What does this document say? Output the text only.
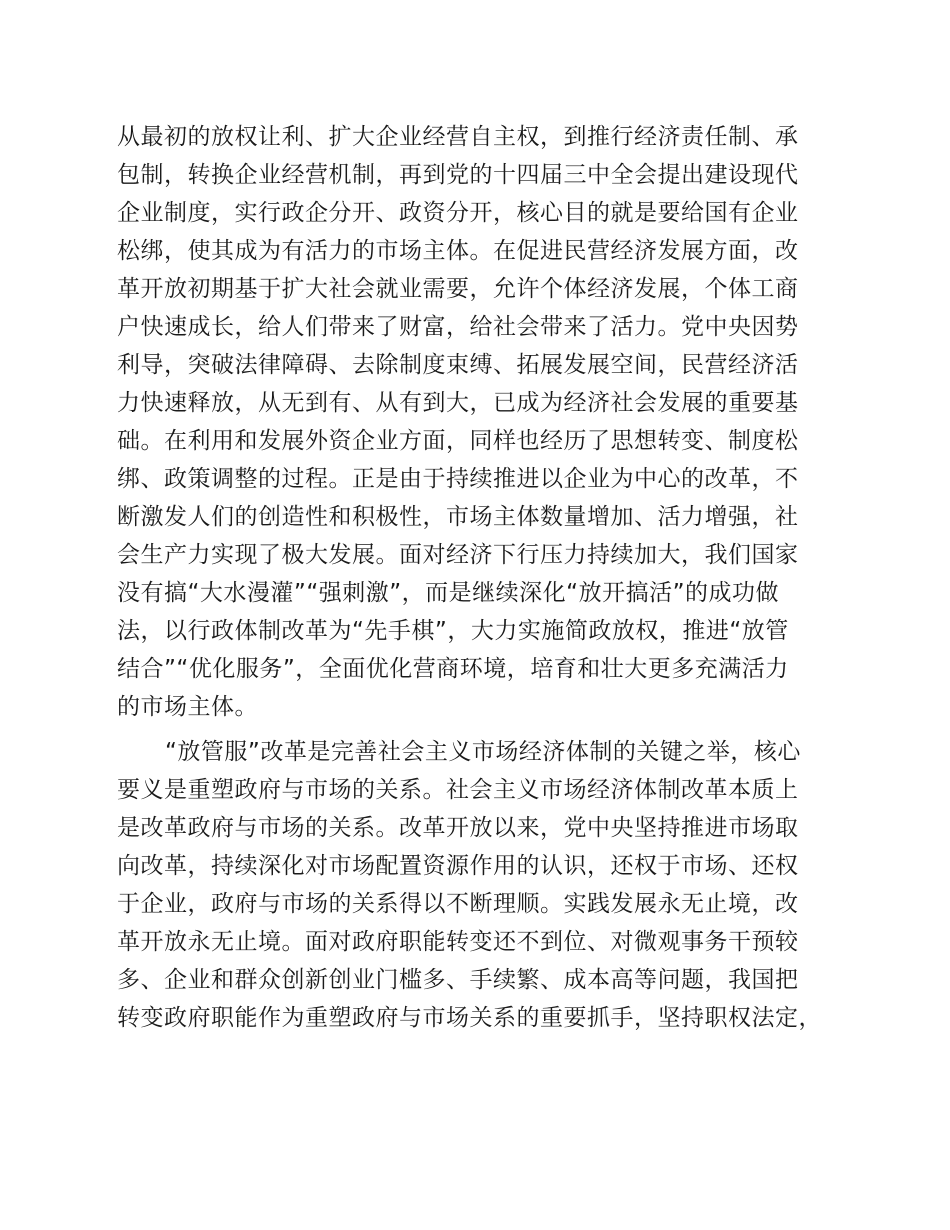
从最初的放权让利、扩大企业经营自主权，到推行经济责任制、承
包制，转换企业经营机制，再到党的十四届三中全会提出建设现代
企业制度，实行政企分开、政资分开，核心目的就是要给国有企业
松绑，使其成为有活力的市场主体。在促进民营经济发展方面，改
革开放初期基于扩大社会就业需要，允许个体经济发展，个体工商
户快速成长，给人们带来了财富，给社会带来了活力。党中央因势
利导，突破法律障碍、去除制度束缚、拓展发展空间，民营经济活
力快速释放，从无到有、从有到大，已成为经济社会发展的重要基
础。在利用和发展外资企业方面，同样也经历了思想转变、制度松
绑、政策调整的过程。正是由于持续推进以企业为中心的改革，不
断激发人们的创造性和积极性，市场主体数量增加、活力增强，社
会生产力实现了极大发展。面对经济下行压力持续加大，我们国家
没有搞“大水漫灌”“强刺激”，而是继续深化“放开搞活”的成功做
法，以行政体制改革为“先手棋”，大力实施简政放权，推进“放管
结合”“优化服务”，全面优化营商环境，培育和壮大更多充满活力
的市场主体。
“放管服”改革是完善社会主义市场经济体制的关键之举，核心
要义是重塑政府与市场的关系。社会主义市场经济体制改革本质上
是改革政府与市场的关系。改革开放以来，党中央坚持推进市场取
向改革，持续深化对市场配置资源作用的认识，还权于市场、还权
于企业，政府与市场的关系得以不断理顺。实践发展永无止境，改
革开放永无止境。面对政府职能转变还不到位、对微观事务干预较
多、企业和群众创新创业门槛多、手续繁、成本高等问题，我国把
转变政府职能作为重塑政府与市场关系的重要抓手，坚持职权法定，
